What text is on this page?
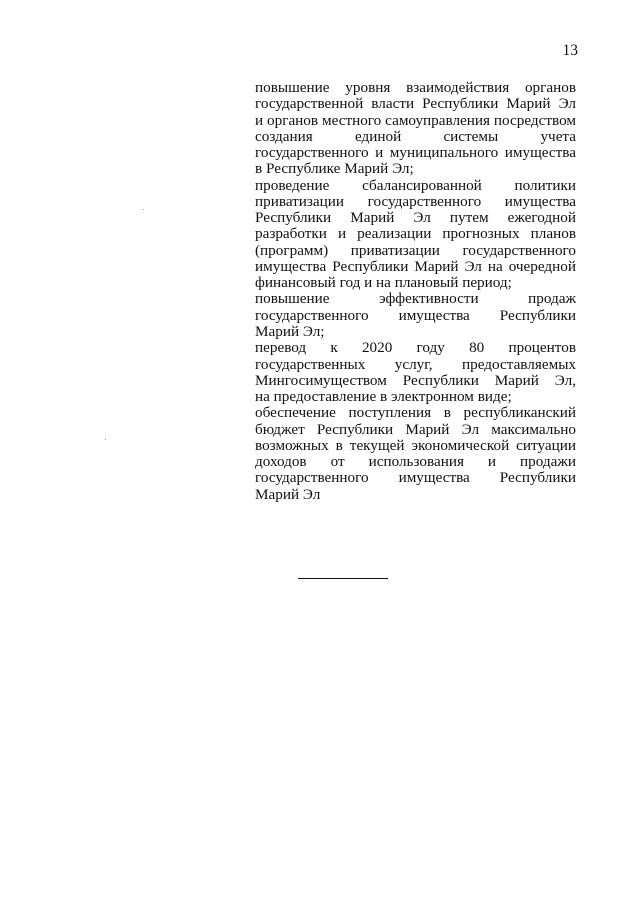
13
повышение уровня взаимодействия органов
государственной власти Республики Марий Эл
и органов местного самоуправления посредством
создания единой системы учета
государственного и муниципального имущества
в Республике Марий Эл;
проведение сбалансированной политики
приватизации государственного имущества
Республики Марий Эл путем ежегодной
разработки и реализации прогнозных планов
(программ) приватизации государственного
имущества Республики Марий Эл на очередной
финансовый год и на плановый период;
повышение эффективности продаж
государственного имущества Республики
Марий Эл;
перевод к 2020 году 80 процентов
государственных услуг, предоставляемых
Мингосимуществом Республики Марий Эл,
на предоставление в электронном виде;
обеспечение поступления в республиканский
бюджет Республики Марий Эл максимально
возможных в текущей экономической ситуации
доходов от использования и продажи
государственного имущества Республики
Марий Эл
